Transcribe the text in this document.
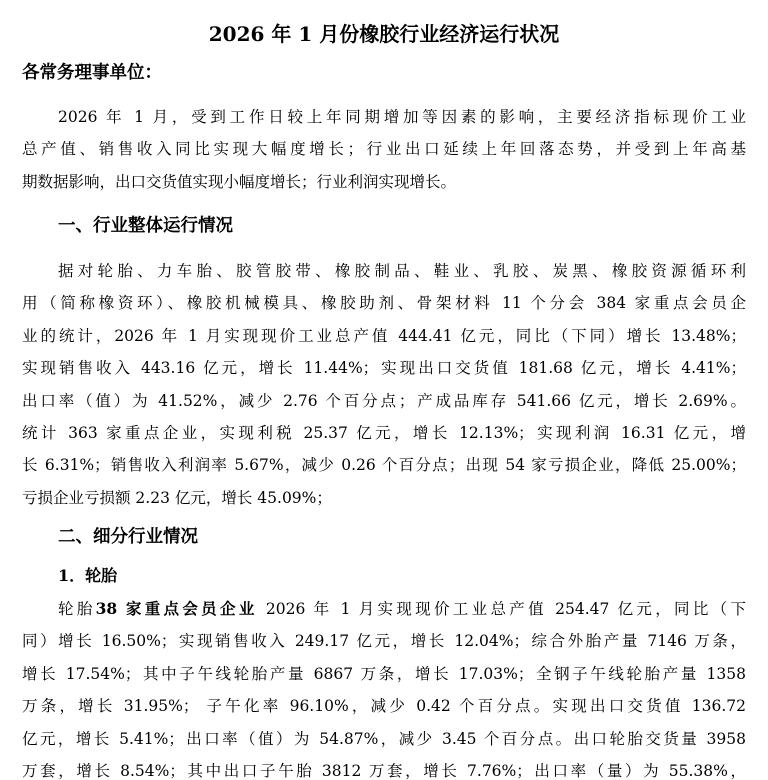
2026 年 1 月份橡胶行业经济运行状况
各常务理事单位：
2026 年 1 月，受到工作日较上年同期增加等因素的影响，主要经济指标现价工业
总产值、销售收入同比实现大幅度增长；行业出口延续上年回落态势，并受到上年高基
期数据影响，出口交货值实现小幅度增长；行业利润实现增长。
一、行业整体运行情况
据对轮胎、力车胎、胶管胶带、橡胶制品、鞋业、乳胶、炭黑、橡胶资源循环利
用（简称橡资环）、橡胶机械模具、橡胶助剂、骨架材料 11 个分会 384 家重点会员企
业的统计，2026 年 1 月实现现价工业总产值 444.41 亿元，同比（下同）增长 13.48%；
实现销售收入 443.16 亿元，增长 11.44%；实现出口交货值 181.68 亿元，增长 4.41%；
出口率（值）为 41.52%，减少 2.76 个百分点；产成品库存 541.66 亿元，增长 2.69%。
统计 363 家重点企业，实现利税 25.37 亿元，增长 12.13%；实现利润 16.31 亿元，增
长 6.31%；销售收入利润率 5.67%，减少 0.26 个百分点；出现 54 家亏损企业，降低 25.00%；
亏损企业亏损额 2.23 亿元，增长 45.09%；
二、细分行业情况
1．轮胎
轮胎38 家重点会员企业 2026 年 1 月实现现价工业总产值 254.47 亿元，同比（下
同）增长 16.50%；实现销售收入 249.17 亿元，增长 12.04%；综合外胎产量 7146 万条，
增长 17.54%；其中子午线轮胎产量 6867 万条，增长 17.03%；全钢子午线轮胎产量 1358
万条，增长 31.95%； 子午化率 96.10%，减少 0.42 个百分点。实现出口交货值 136.72
亿元，增长 5.41%；出口率（值）为 54.87%，减少 3.45 个百分点。出口轮胎交货量 3958
万套，增长 8.54%；其中出口子午胎 3812 万套，增长 7.76%；出口率（量）为 55.38%，
